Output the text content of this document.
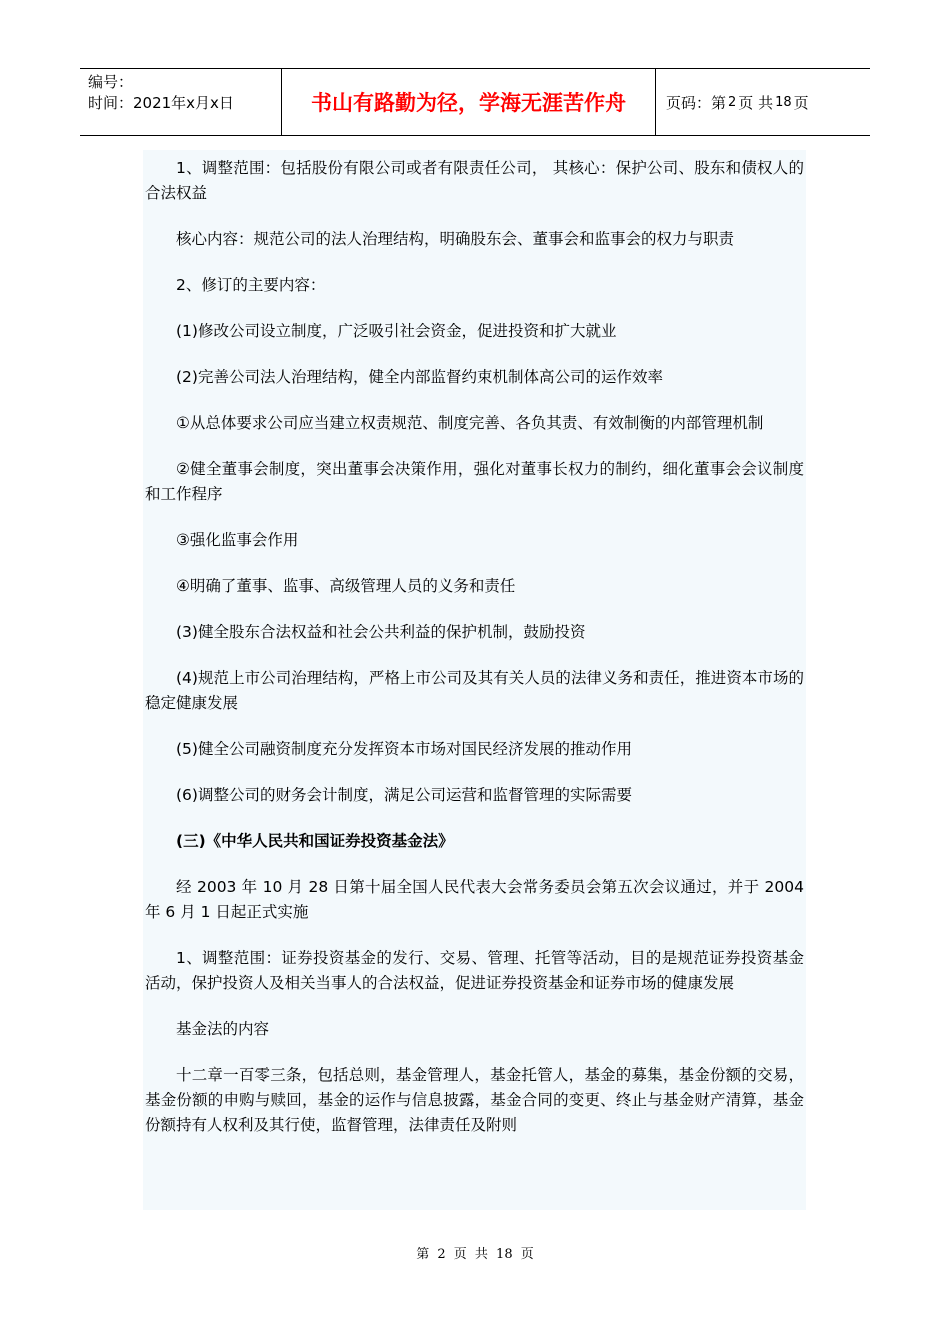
编号：
时间：2021年x月x日	书山有路勤为径，学海无涯苦作舟	页码：第 2 页 共 18 页

1、调整范围：包括股份有限公司或者有限责任公司， 其核心：保护公司、股东和债权人的合法权益

核心内容：规范公司的法人治理结构，明确股东会、董事会和监事会的权力与职责

2、修订的主要内容：

(1)修改公司设立制度，广泛吸引社会资金，促进投资和扩大就业

(2)完善公司法人治理结构，健全内部监督约束机制体高公司的运作效率

①从总体要求公司应当建立权责规范、制度完善、各负其责、有效制衡的内部管理机制

②健全董事会制度，突出董事会决策作用，强化对董事长权力的制约，细化董事会会议制度和工作程序

③强化监事会作用

④明确了董事、监事、高级管理人员的义务和责任

(3)健全股东合法权益和社会公共利益的保护机制，鼓励投资

(4)规范上市公司治理结构，严格上市公司及其有关人员的法律义务和责任，推进资本市场的稳定健康发展

(5)健全公司融资制度充分发挥资本市场对国民经济发展的推动作用

(6)调整公司的财务会计制度，满足公司运营和监督管理的实际需要

(三)《中华人民共和国证券投资基金法》

经 2003 年 10 月 28 日第十届全国人民代表大会常务委员会第五次会议通过，并于 2004 年 6 月 1 日起正式实施

1、调整范围：证券投资基金的发行、交易、管理、托管等活动，目的是规范证券投资基金活动，保护投资人及相关当事人的合法权益，促进证券投资基金和证券市场的健康发展

基金法的内容

十二章一百零三条，包括总则，基金管理人，基金托管人，基金的募集，基金份额的交易，基金份额的申购与赎回，基金的运作与信息披露，基金合同的变更、终止与基金财产清算，基金份额持有人权利及其行使，监督管理，法律责任及附则

第 2 页 共 18 页
